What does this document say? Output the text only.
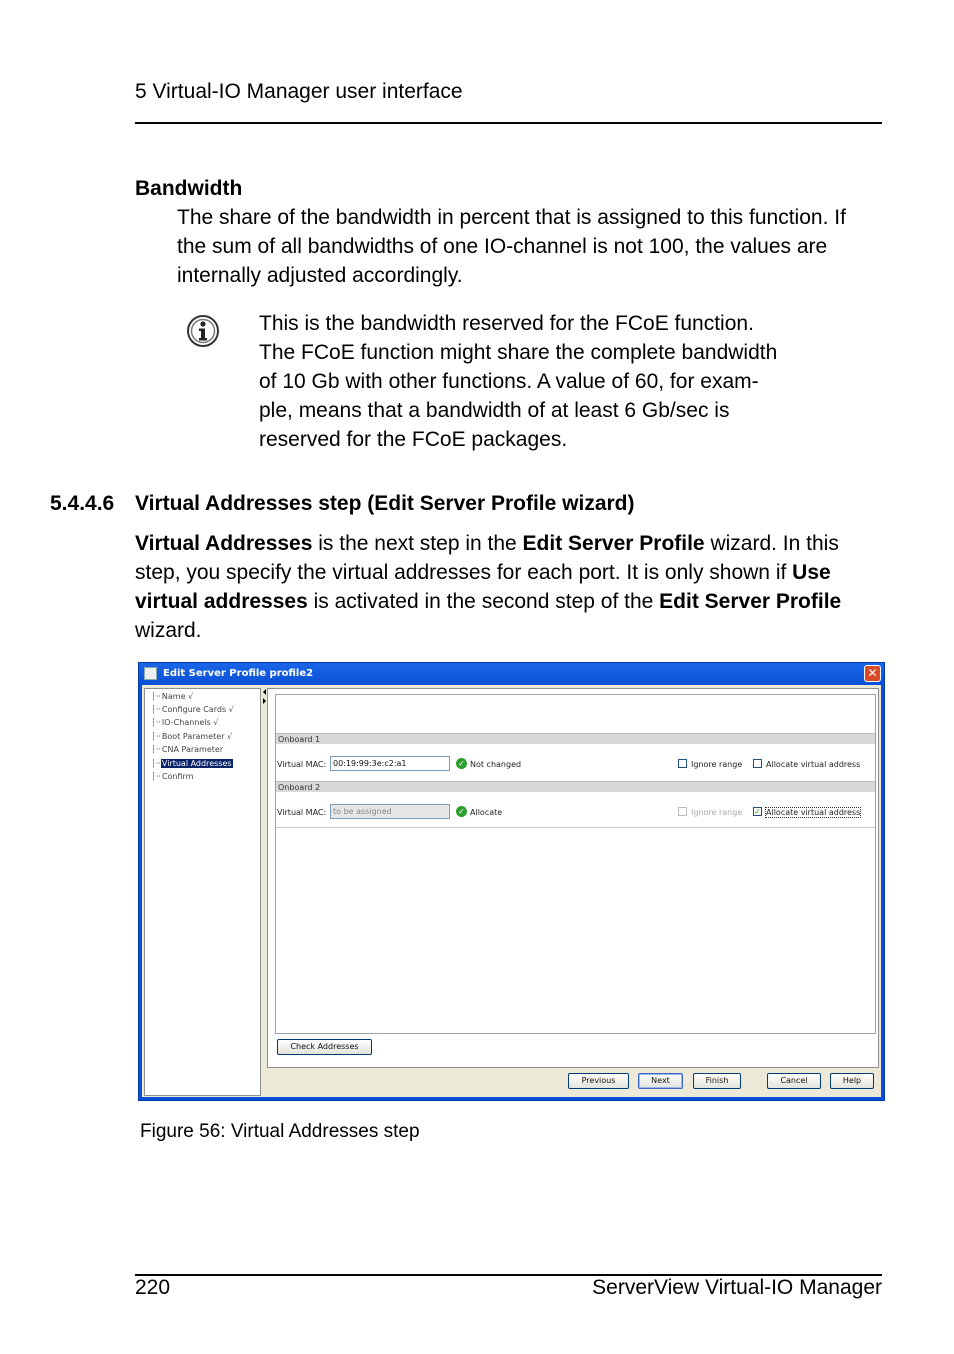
5 Virtual-IO Manager user interface
Bandwidth
The share of the bandwidth in percent that is assigned to this function. If
the sum of all bandwidths of one IO-channel is not 100, the values are
internally adjusted accordingly.
This is the bandwidth reserved for the FCoE function.
The FCoE function might share the complete bandwidth
of 10 Gb with other functions. A value of 60, for exam-
ple, means that a bandwidth of at least 6 Gb/sec is
reserved for the FCoE packages.
5.4.4.6 Virtual Addresses step (Edit Server Profile wizard)
Virtual Addresses is the next step in the Edit Server Profile wizard. In this
step, you specify the virtual addresses for each port. It is only shown if Use
virtual addresses is activated in the second step of the Edit Server Profile
wizard.
Edit Server Profile profile2	✕
┆··Name √
┆··Configure Cards √
┆··IO-Channels √
┆··Boot Parameter √
┆··CNA Parameter
┆··Virtual Addresses
┆··Confirm
Onboard 1
Virtual MAC: 00:19:99:3e:c2:a1	✓ Not changed	Ignore range	Allocate virtual address
Onboard 2
Virtual MAC: to be assigned	✓ Allocate	Ignore range ✓ Allocate virtual address
Check Addresses
Previous	Next	Finish	Cancel	Help
Figure 56: Virtual Addresses step
220	ServerView Virtual-IO Manager
